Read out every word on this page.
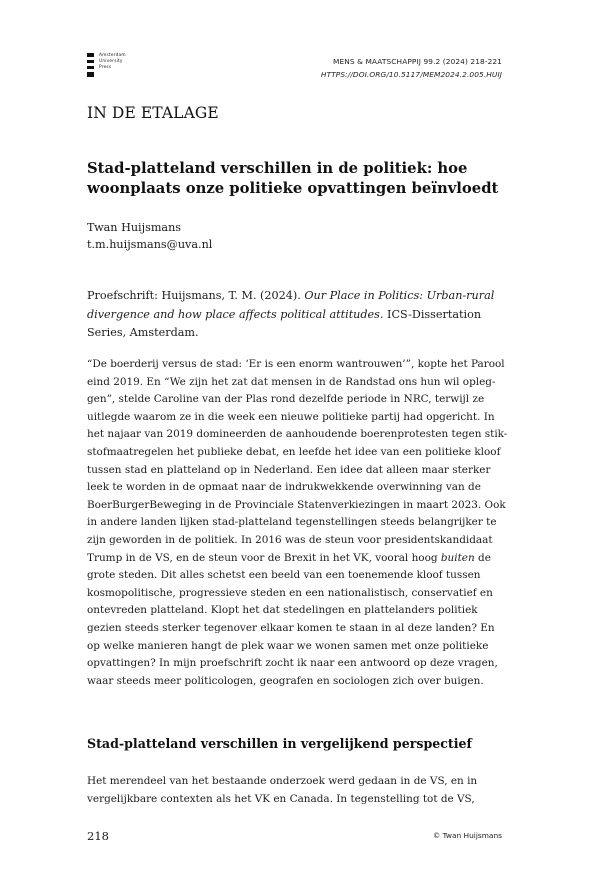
Amsterdam
University
Press
MENS & MAATSCHAPPIJ 99.2 (2024) 218-221
HTTPS://DOI.ORG/10.5117/MEM2024.2.005.HUIJ
IN DE ETALAGE
Stad-platteland verschillen in de politiek: hoe woonplaats onze politieke opvattingen beïnvloedt
Twan Huijsmans
t.m.huijsmans@uva.nl

Proefschrift: Huijsmans, T. M. (2024). Our Place in Politics: Urban-rural divergence and how place affects political attitudes. ICS-Dissertation Series, Amsterdam.

“De boerderij versus de stad: ‘Er is een enorm wantrouwen’”, kopte het Parool
eind 2019. En “We zijn het zat dat mensen in de Randstad ons hun wil opleg-
gen”, stelde Caroline van der Plas rond dezelfde periode in NRC, terwijl ze
uitlegde waarom ze in die week een nieuwe politieke partij had opgericht. In
het najaar van 2019 domineerden de aanhoudende boerenprotesten tegen stik-
stofmaatregelen het publieke debat, en leefde het idee van een politieke kloof
tussen stad en platteland op in Nederland. Een idee dat alleen maar sterker
leek te worden in de opmaat naar de indrukwekkende overwinning van de
BoerBurgerBeweging in de Provinciale Statenverkiezingen in maart 2023. Ook
in andere landen lijken stad-platteland tegenstellingen steeds belangrijker te
zijn geworden in de politiek. In 2016 was de steun voor presidentskandidaat
Trump in de VS, en de steun voor de Brexit in het VK, vooral hoog buiten de
grote steden. Dit alles schetst een beeld van een toenemende kloof tussen
kosmopolitische, progressieve steden en een nationalistisch, conservatief en
ontevreden platteland. Klopt het dat stedelingen en plattelanders politiek
gezien steeds sterker tegenover elkaar komen te staan in al deze landen? En
op welke manieren hangt de plek waar we wonen samen met onze politieke
opvattingen? In mijn proefschrift zocht ik naar een antwoord op deze vragen,
waar steeds meer politicologen, geografen en sociologen zich over buigen.

Stad-platteland verschillen in vergelijkend perspectief

Het merendeel van het bestaande onderzoek werd gedaan in de VS, en in
vergelijkbare contexten als het VK en Canada. In tegenstelling tot de VS,

218	© Twan Huijsmans
